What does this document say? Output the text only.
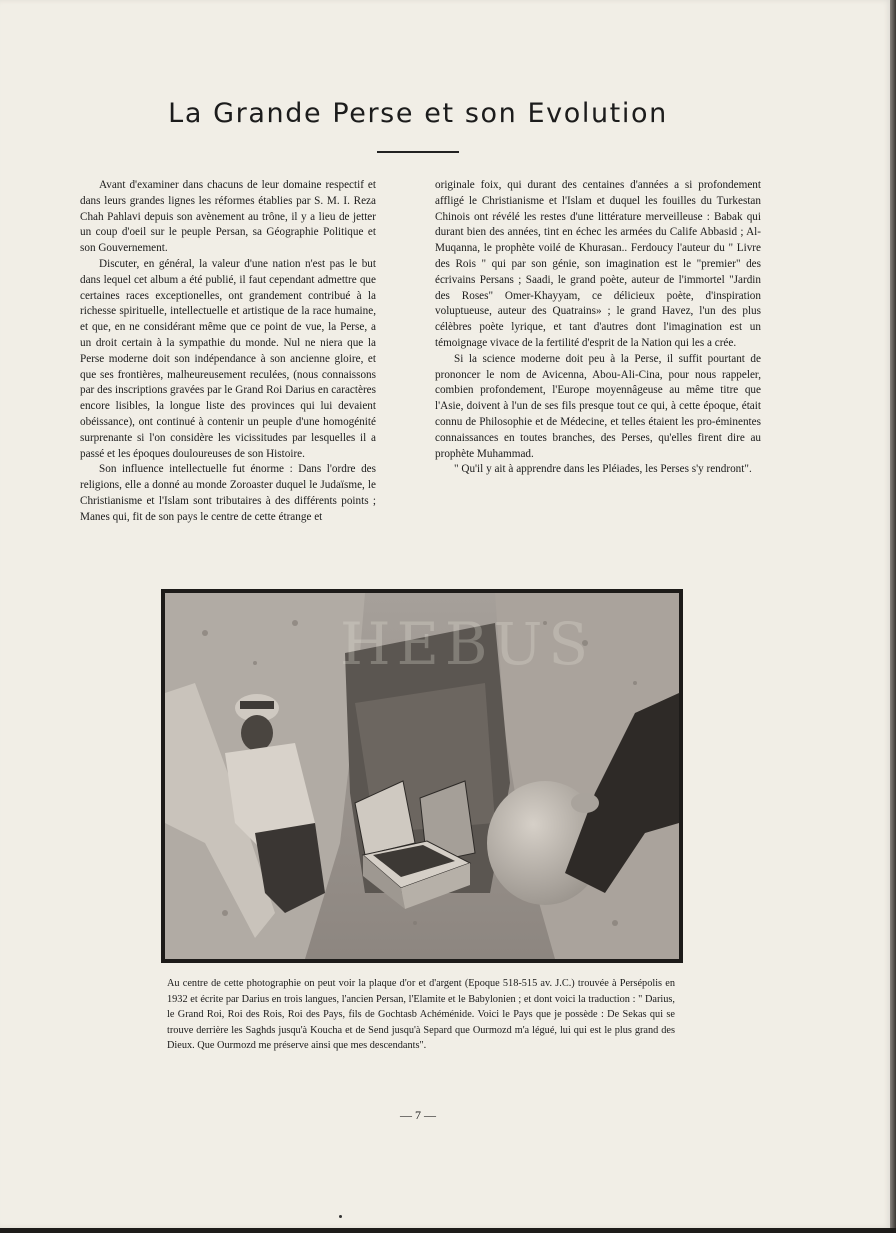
La Grande Perse et son Evolution

Avant d'examiner dans chacuns de leur domaine respectif et dans leurs grandes lignes les réformes établies par S. M. I. Reza Chah Pahlavi depuis son avènement au trône, il y a lieu de jetter un coup d'oeil sur le peuple Persan, sa Géographie Politique et son Gouvernement.

Discuter, en général, la valeur d'une nation n'est pas le but dans lequel cet album a été publié, il faut cependant admettre que certaines races exceptionelles, ont grandement contribué à la richesse spirituelle, intellectuelle et artistique de la race humaine, et que, en ne considérant même que ce point de vue, la Perse, a un droit certain à la sympathie du monde. Nul ne niera que la Perse moderne doit son indépendance à son ancienne gloire, et que ses frontières, malheureusement reculées, (nous connaissons par des inscriptions gravées par le Grand Roi Darius en caractères encore lisibles, la longue liste des provinces qui lui devaient obéissance), ont continué à contenir un peuple d'une homogénité surprenante si l'on considère les vicissitudes par lesquelles il a passé et les époques douloureuses de son Histoire.

Son influence intellectuelle fut énorme : Dans l'ordre des religions, elle a donné au monde Zoroaster duquel le Judaïsme, le Christianisme et l'Islam sont tributaires à des différents points ; Manes qui, fit de son pays le centre de cette étrange et

originale foix, qui durant des centaines d'années a si profondement affligé le Christianisme et l'Islam et duquel les fouilles du Turkestan Chinois ont révélé les restes d'une littérature merveilleuse : Babak qui durant bien des années, tint en échec les armées du Calife Abbasid ; Al-Muqanna, le prophète voilé de Khurasan.. Ferdoucy l'auteur du " Livre des Rois " qui par son génie, son imagination est le "premier" des écrivains Persans ; Saadi, le grand poète, auteur de l'immortel "Jardin des Roses" Omer-Khayyam, ce délicieux poète, d'inspiration voluptueuse, auteur des Quatrains» ; le grand Havez, l'un des plus célèbres poète lyrique, et tant d'autres dont l'imagination est un témoignage vivace de la fertilité d'esprit de la Nation qui les a crée.

Si la science moderne doit peu à la Perse, il suffit pourtant de prononcer le nom de Avicenna, Abou-Ali-Cina, pour nous rappeler, combien profondement, l'Europe moyennâgeuse au même titre que l'Asie, doivent à l'un de ses fils presque tout ce qui, à cette époque, était connu de Philosophie et de Médecine, et telles étaient les pro-éminentes connaissances en toutes branches, des Perses, qu'elles firent dire au prophète Muhammad.

" Qu'il y ait à apprendre dans les Pléiades, les Perses s'y rendront".

HEBUS

Au centre de cette photographie on peut voir la plaque d'or et d'argent (Epoque 518-515 av. J.C.) trouvée à Persépolis en 1932 et écrite par Darius en trois langues, l'ancien Persan, l'Elamite et le Babylonien ; et dont voici la traduction : " Darius, le Grand Roi, Roi des Rois, Roi des Pays, fils de Gochtasb Achéménide. Voici le Pays que je possède : De Sekas qui se trouve derrière les Saghds jusqu'à Koucha et de Send jusqu'à Separd que Ourmozd m'a légué, lui qui est le plus grand des Dieux. Que Ourmozd me préserve ainsi que mes descendants".

— 7 —
